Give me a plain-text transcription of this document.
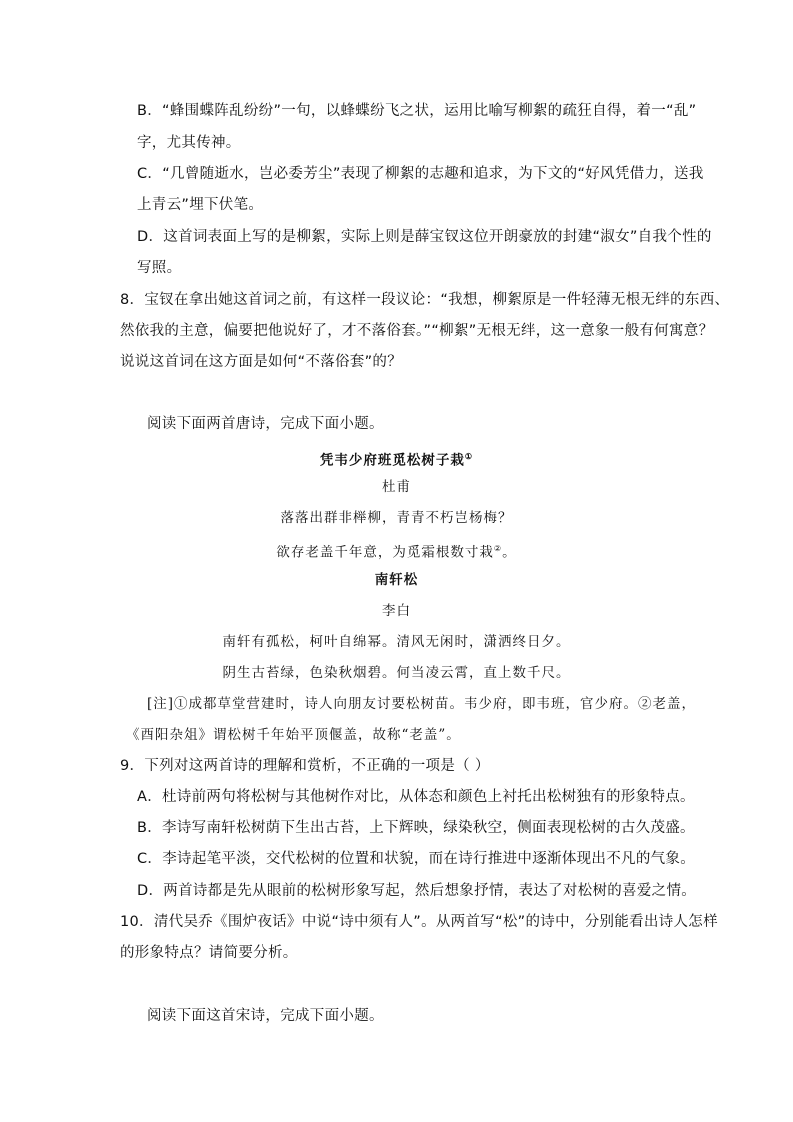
B．“蜂围蝶阵乱纷纷”一句，以蜂蝶纷飞之状，运用比喻写柳絮的疏狂自得，着一“乱”
字，尤其传神。
C．“几曾随逝水，岂必委芳尘”表现了柳絮的志趣和追求，为下文的“好风凭借力，送我
上青云”埋下伏笔。
D．这首词表面上写的是柳絮，实际上则是薛宝钗这位开朗豪放的封建“淑女”自我个性的
写照。
8．宝钗在拿出她这首词之前，有这样一段议论：“我想，柳絮原是一件轻薄无根无绊的东西、
然依我的主意，偏要把他说好了，才不落俗套。”“柳絮”无根无绊，这一意象一般有何寓意？
说说这首词在这方面是如何“不落俗套”的？
阅读下面两首唐诗，完成下面小题。
凭韦少府班觅松树子栽①
杜甫
落落出群非榉柳，青青不朽岂杨梅？
欲存老盖千年意，为觅霜根数寸栽②。
南轩松
李白
南轩有孤松，柯叶自绵幂。清风无闲时，潇洒终日夕。
阴生古苔绿，色染秋烟碧。何当凌云霄，直上数千尺。
[注]①成都草堂营建时，诗人向朋友讨要松树苗。韦少府，即韦班，官少府。②老盖，
《酉阳杂俎》谓松树千年始平顶偃盖，故称“老盖”。
9．下列对这两首诗的理解和赏析，不正确的一项是（ ）
A．杜诗前两句将松树与其他树作对比，从体态和颜色上衬托出松树独有的形象特点。
B．李诗写南轩松树荫下生出古苔，上下辉映，绿染秋空，侧面表现松树的古久茂盛。
C．李诗起笔平淡，交代松树的位置和状貌，而在诗行推进中逐渐体现出不凡的气象。
D．两首诗都是先从眼前的松树形象写起，然后想象抒情，表达了对松树的喜爱之情。
10．清代吴乔《围炉夜话》中说“诗中须有人”。从两首写“松”的诗中，分别能看出诗人怎样
的形象特点？请简要分析。
阅读下面这首宋诗，完成下面小题。
